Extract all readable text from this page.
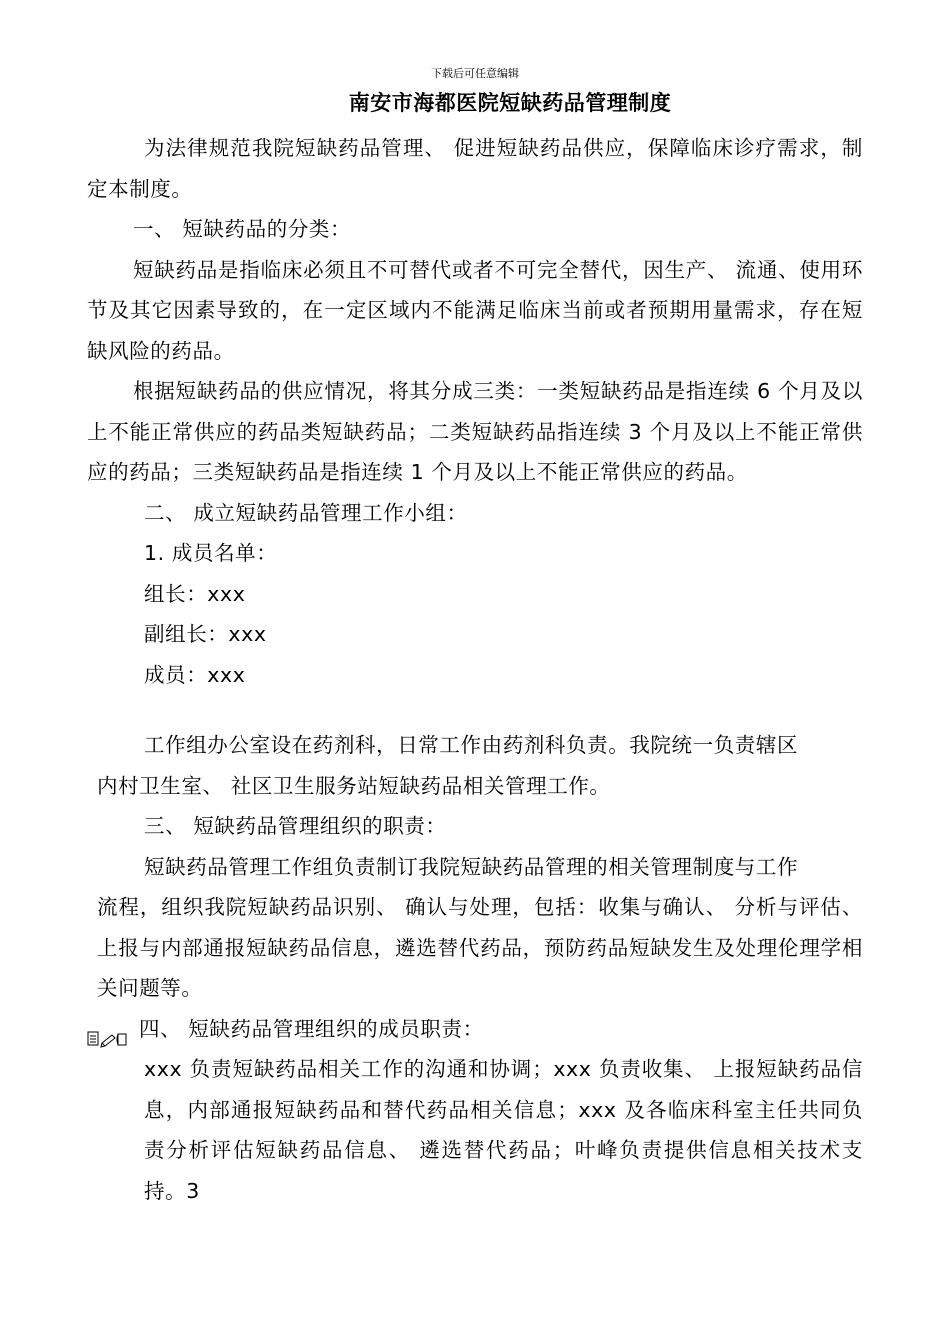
下载后可任意编辑
南安市海都医院短缺药品管理制度

为法律规范我院短缺药品管理、 促进短缺药品供应，保障临床诊疗需求，制定本制度。

一、 短缺药品的分类：

短缺药品是指临床必须且不可替代或者不可完全替代，因生产、 流通、使用环节及其它因素导致的，在一定区域内不能满足临床当前或者预期用量需求，存在短缺风险的药品。

根据短缺药品的供应情况，将其分成三类：一类短缺药品是指连续 6 个月及以上不能正常供应的药品类短缺药品；二类短缺药品指连续 3 个月及以上不能正常供应的药品；三类短缺药品是指连续 1 个月及以上不能正常供应的药品。

二、 成立短缺药品管理工作小组：

1. 成员名单：

组长：xxx

副组长：xxx

成员：xxx

工作组办公室设在药剂科，日常工作由药剂科负责。我院统一负责辖区

内村卫生室、 社区卫生服务站短缺药品相关管理工作。

三、 短缺药品管理组织的职责：

短缺药品管理工作组负责制订我院短缺药品管理的相关管理制度与工作

流程，组织我院短缺药品识别、 确认与处理，包括：收集与确认、 分析与评估、 上报与内部通报短缺药品信息，遴选替代药品，预防药品短缺发生及处理伦理学相关问题等。

四、 短缺药品管理组织的成员职责：

xxx 负责短缺药品相关工作的沟通和协调；xxx 负责收集、 上报短缺药品信息，内部通报短缺药品和替代药品相关信息；xxx 及各临床科室主任共同负责分析评估短缺药品信息、 遴选替代药品；叶峰负责提供信息相关技术支持。3
